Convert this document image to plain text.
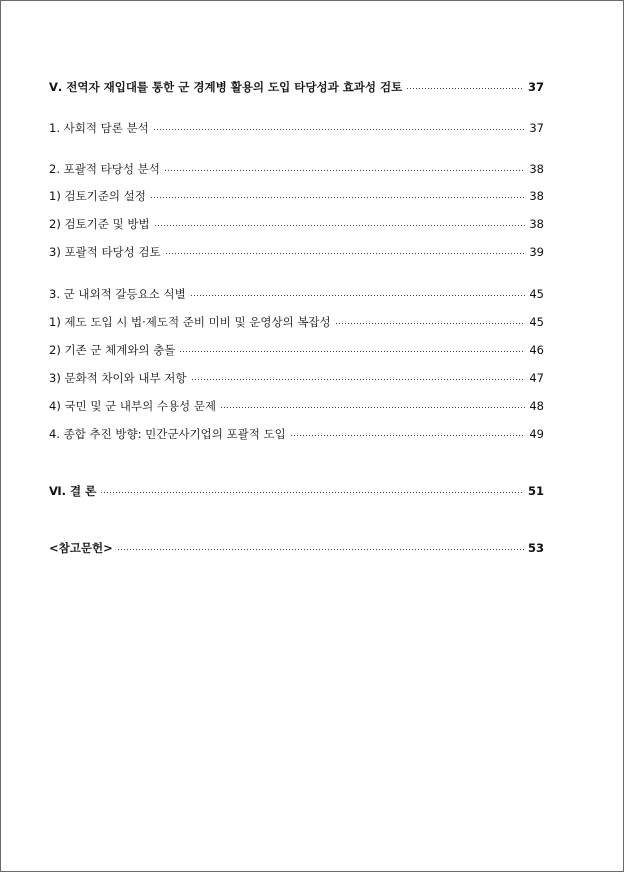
Ⅴ. 전역자 재입대를 통한 군 경계병 활용의 도입 타당성과 효과성 검토	37
1. 사회적 담론 분석	37
2. 포괄적 타당성 분석	38
1) 검토기준의 설정	38
2) 검토기준 및 방법	38
3) 포괄적 타당성 검토	39
3. 군 내외적 갈등요소 식별	45
1) 제도 도입 시 법·제도적 준비 미비 및 운영상의 복잡성	45
2) 기존 군 체계와의 충돌	46
3) 문화적 차이와 내부 저항	47
4) 국민 및 군 내부의 수용성 문제	48
4. 종합 추진 방향: 민간군사기업의 포괄적 도입	49
Ⅵ. 결 론	51
<참고문헌>	53
